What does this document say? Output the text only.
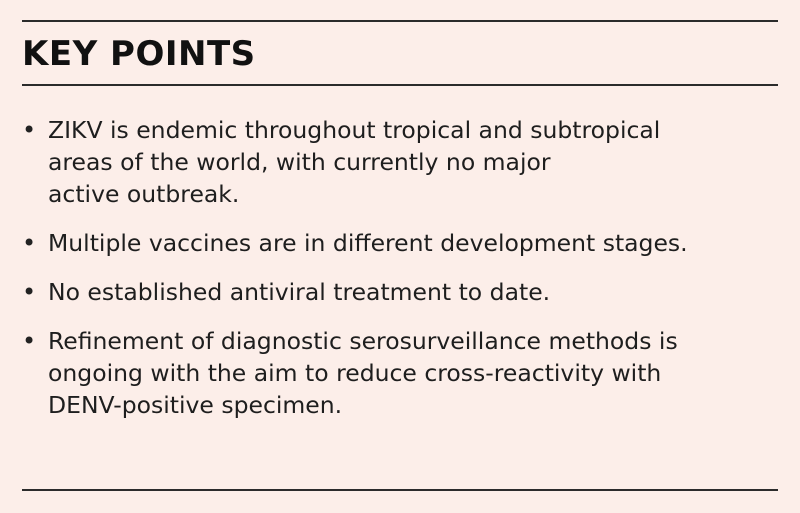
KEY POINTS
• ZIKV is endemic throughout tropical and subtropical
areas of the world, with currently no major
active outbreak.
• Multiple vaccines are in different development stages.
• No established antiviral treatment to date.
• Refinement of diagnostic serosurveillance methods is
ongoing with the aim to reduce cross-reactivity with
DENV-positive specimen.
